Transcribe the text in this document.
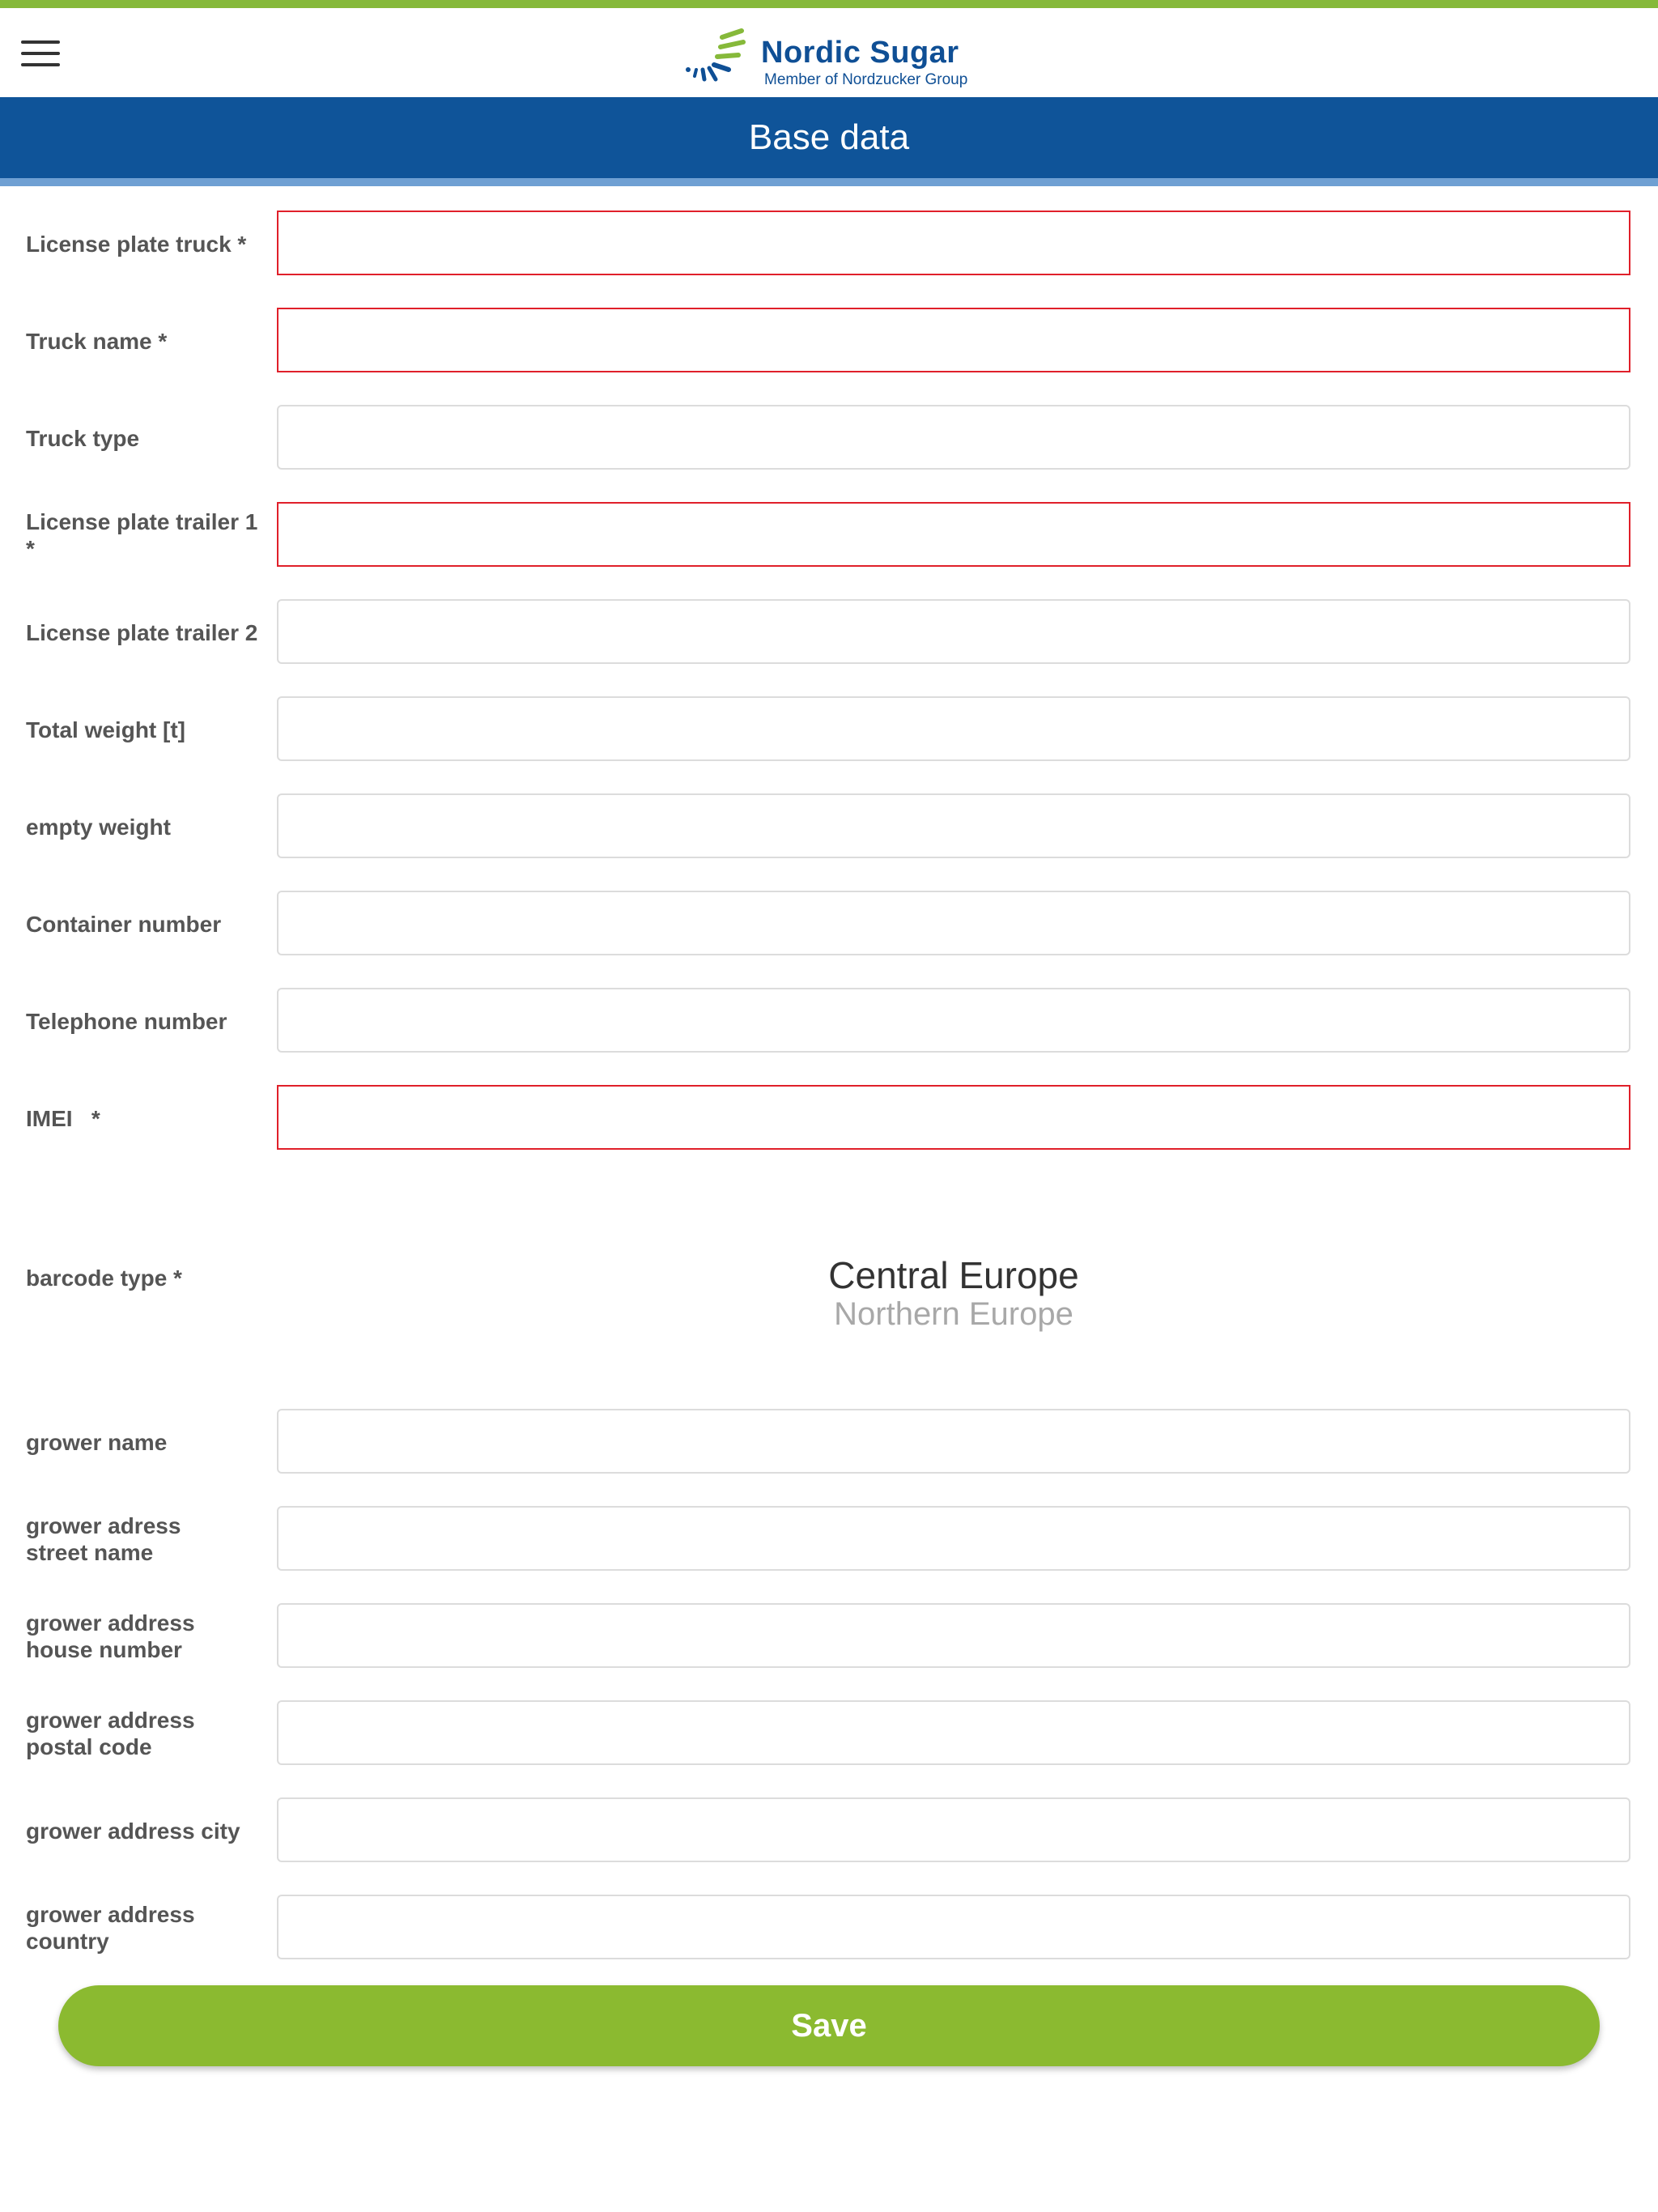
Nordic Sugar
Member of Nordzucker Group
Base data
License plate truck *
Truck name *
Truck type
License plate trailer 1 *
License plate trailer 2
Total weight [t]
empty weight
Container number
Telephone number
IMEI   *
barcode type *	Central Europe
Northern Europe
grower name
grower adress street name
grower address house number
grower address postal code
grower address city
grower address country
Save
